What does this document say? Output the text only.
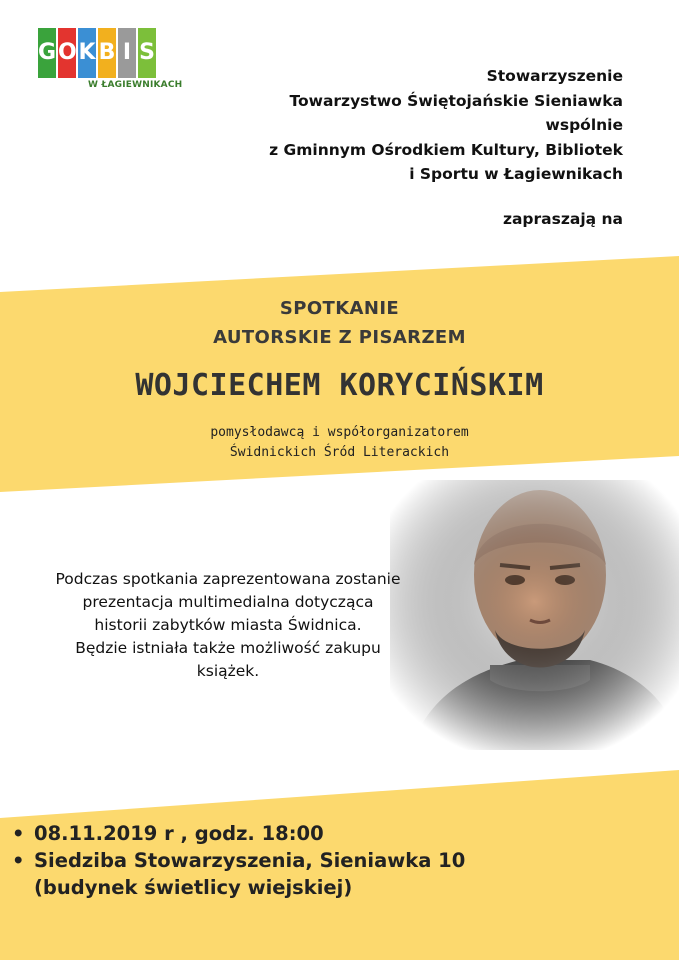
G O K B I S
W ŁAGIEWNIKACH	Stowarzyszenie
Towarzystwo Świętojańskie Sieniawka
wspólnie
z Gminnym Ośrodkiem Kultury, Bibliotek
i Sportu w Łagiewnikach
zapraszają na
SPOTKANIE
AUTORSKIE Z PISARZEM
WOJCIECHEM KORYCIŃSKIM
pomysłodawcą i współorganizatorem
Świdnickich Śród Literackich
Podczas spotkania zaprezentowana zostanie
prezentacja multimedialna dotycząca
historii zabytków miasta Świdnica.
Będzie istniała także możliwość zakupu
książek.
• 08.11.2019 r , godz. 18:00
• Siedziba Stowarzyszenia, Sieniawka 10
(budynek świetlicy wiejskiej)
